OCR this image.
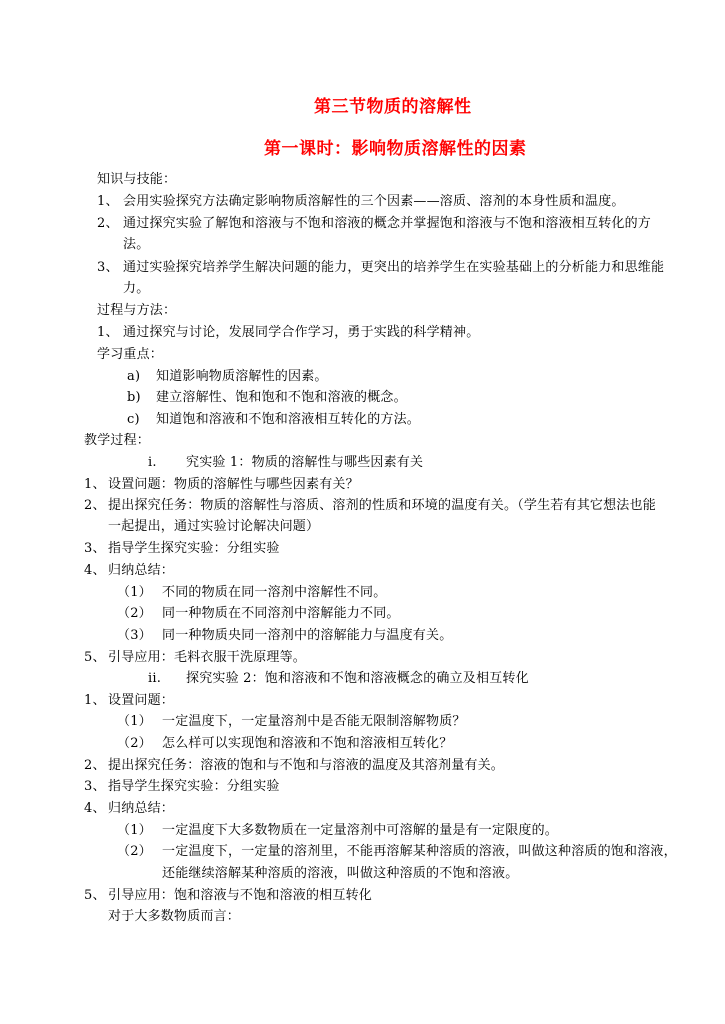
第三节物质的溶解性
第一课时：影响物质溶解性的因素
知识与技能：
1、 会用实验探究方法确定影响物质溶解性的三个因素——溶质、溶剂的本身性质和温度。
2、 通过探究实验了解饱和溶液与不饱和溶液的概念并掌握饱和溶液与不饱和溶液相互转化的方
法。
3、 通过实验探究培养学生解决问题的能力，更突出的培养学生在实验基础上的分析能力和思维能
力。
过程与方法：
1、 通过探究与讨论，发展同学合作学习，勇于实践的科学精神。
学习重点：
a) 知道影响物质溶解性的因素。
b) 建立溶解性、饱和饱和不饱和溶液的概念。
c) 知道饱和溶液和不饱和溶液相互转化的方法。
教学过程：
i. 究实验 1：物质的溶解性与哪些因素有关
1、 设置问题：物质的溶解性与哪些因素有关？
2、 提出探究任务：物质的溶解性与溶质、溶剂的性质和环境的温度有关。（学生若有其它想法也能
一起提出，通过实验讨论解决问题）
3、 指导学生探究实验：分组实验
4、 归纳总结：
（1） 不同的物质在同一溶剂中溶解性不同。
（2） 同一种物质在不同溶剂中溶解能力不同。
（3） 同一种物质央同一溶剂中的溶解能力与温度有关。
5、 引导应用：毛料衣服干洗原理等。
ii. 探究实验 2：饱和溶液和不饱和溶液概念的确立及相互转化
1、 设置问题：
（1） 一定温度下，一定量溶剂中是否能无限制溶解物质？
（2） 怎么样可以实现饱和溶液和不饱和溶液相互转化？
2、 提出探究任务：溶液的饱和与不饱和与溶液的温度及其溶剂量有关。
3、 指导学生探究实验：分组实验
4、 归纳总结：
（1） 一定温度下大多数物质在一定量溶剂中可溶解的量是有一定限度的。
（2） 一定温度下，一定量的溶剂里，不能再溶解某种溶质的溶液，叫做这种溶质的饱和溶液，
还能继续溶解某种溶质的溶液，叫做这种溶质的不饱和溶液。
5、 引导应用：饱和溶液与不饱和溶液的相互转化
对于大多数物质而言：
